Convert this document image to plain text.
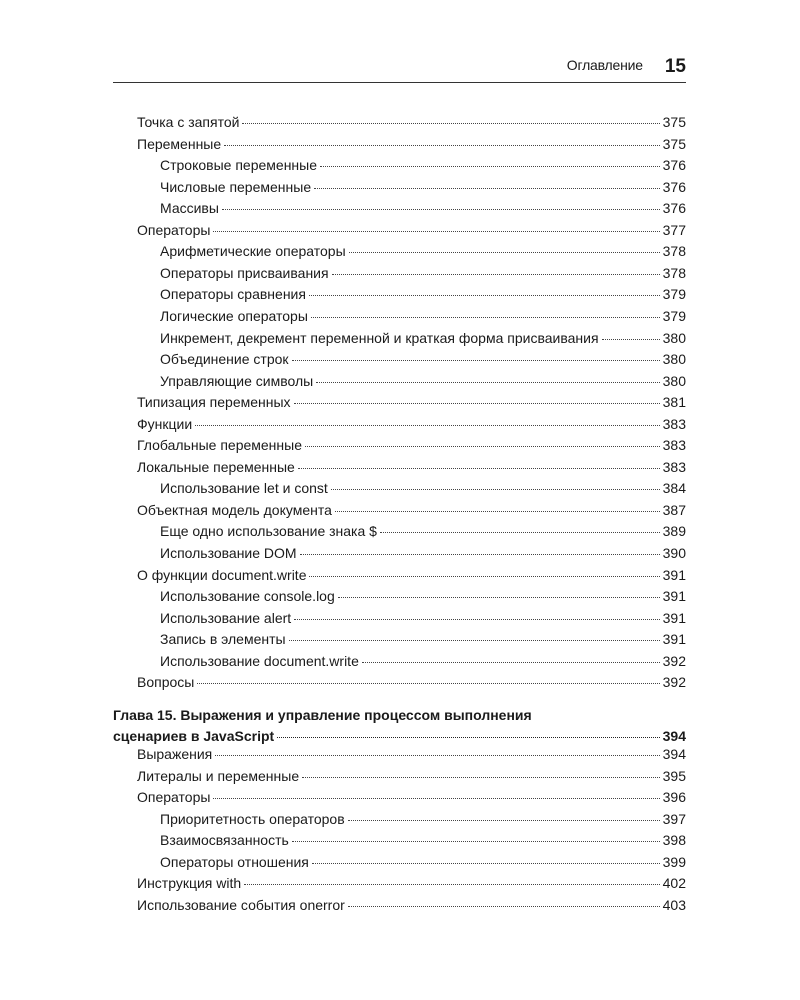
Оглавление 15
Точка с запятой	375
Переменные	375
Строковые переменные	376
Числовые переменные	376
Массивы	376
Операторы	377
Арифметические операторы	378
Операторы присваивания	378
Операторы сравнения	379
Логические операторы	379
Инкремент, декремент переменной и краткая форма присваивания	380
Объединение строк	380
Управляющие символы	380
Типизация переменных	381
Функции	383
Глобальные переменные	383
Локальные переменные	383
Использование let и const	384
Объектная модель документа	387
Еще одно использование знака $	389
Использование DOM	390
О функции document.write	391
Использование console.log	391
Использование alert	391
Запись в элементы	391
Использование document.write	392
Вопросы	392
Глава 15. Выражения и управление процессом выполнения
сценариев в JavaScript	394
Выражения	394
Литералы и переменные	395
Операторы	396
Приоритетность операторов	397
Взаимосвязанность	398
Операторы отношения	399
Инструкция with	402
Использование события onerror	403
